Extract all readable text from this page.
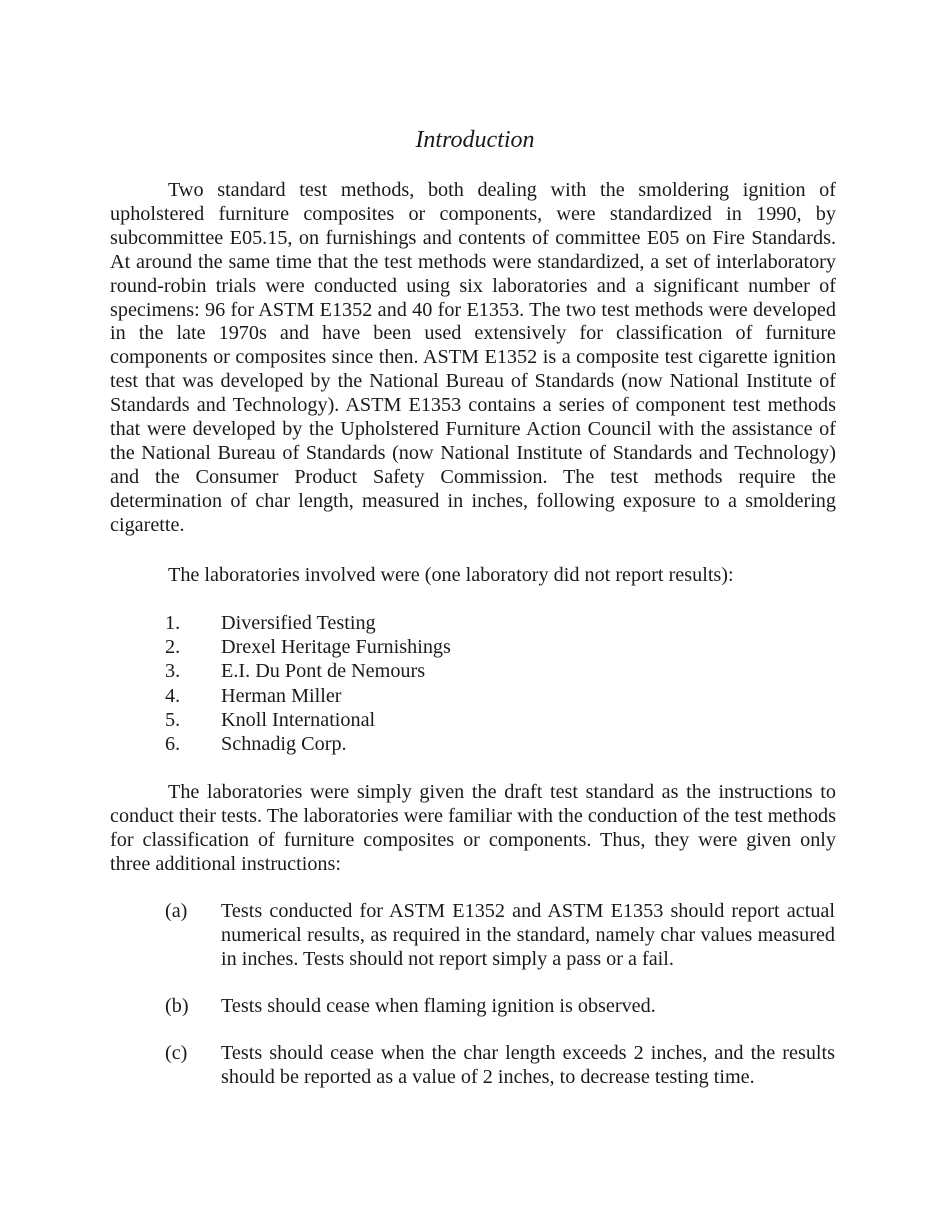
Introduction

Two standard test methods, both dealing with the smoldering ignition of upholstered furniture composites or components, were standardized in 1990, by subcommittee E05.15, on furnishings and contents of committee E05 on Fire Standards. At around the same time that the test methods were standardized, a set of interlaboratory round-robin trials were conducted using six laboratories and a significant number of specimens: 96 for ASTM E1352 and 40 for E1353. The two test methods were developed in the late 1970s and have been used extensively for classification of furniture components or composites since then. ASTM E1352 is a composite test cigarette ignition test that was developed by the National Bureau of Standards (now National Institute of Standards and Technology). ASTM E1353 contains a series of component test methods that were developed by the Upholstered Furniture Action Council with the assistance of the National Bureau of Standards (now National Institute of Standards and Technology) and the Consumer Product Safety Commission. The test methods require the determination of char length, measured in inches, following exposure to a smoldering cigarette.

The laboratories involved were (one laboratory did not report results):

1.	Diversified Testing
2.	Drexel Heritage Furnishings
3.	E.I. Du Pont de Nemours
4.	Herman Miller
5.	Knoll International
6.	Schnadig Corp.

The laboratories were simply given the draft test standard as the instructions to conduct their tests. The laboratories were familiar with the conduction of the test methods for classification of furniture composites or components. Thus, they were given only three additional instructions:

(a)	Tests conducted for ASTM E1352 and ASTM E1353 should report actual numerical results, as required in the standard, namely char values measured in inches. Tests should not report simply a pass or a fail.
(b)	Tests should cease when flaming ignition is observed.
(c)	Tests should cease when the char length exceeds 2 inches, and the results should be reported as a value of 2 inches, to decrease testing time.
